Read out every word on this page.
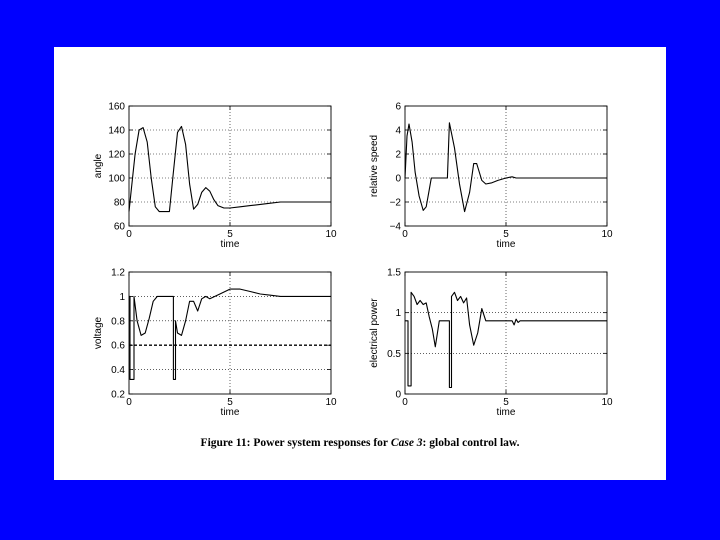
0	5	10
60
80
100
120
140
160
time
angle
0	5	10
−4
−2
0
2
4
6
time
relative speed
0	5	10
0.2
0.4
0.6
0.8
1
1.2
time
voltage
0	5	10
0
0.5
1
1.5
time
electrical power
Figure 11: Power system responses for Case 3: global control law.
